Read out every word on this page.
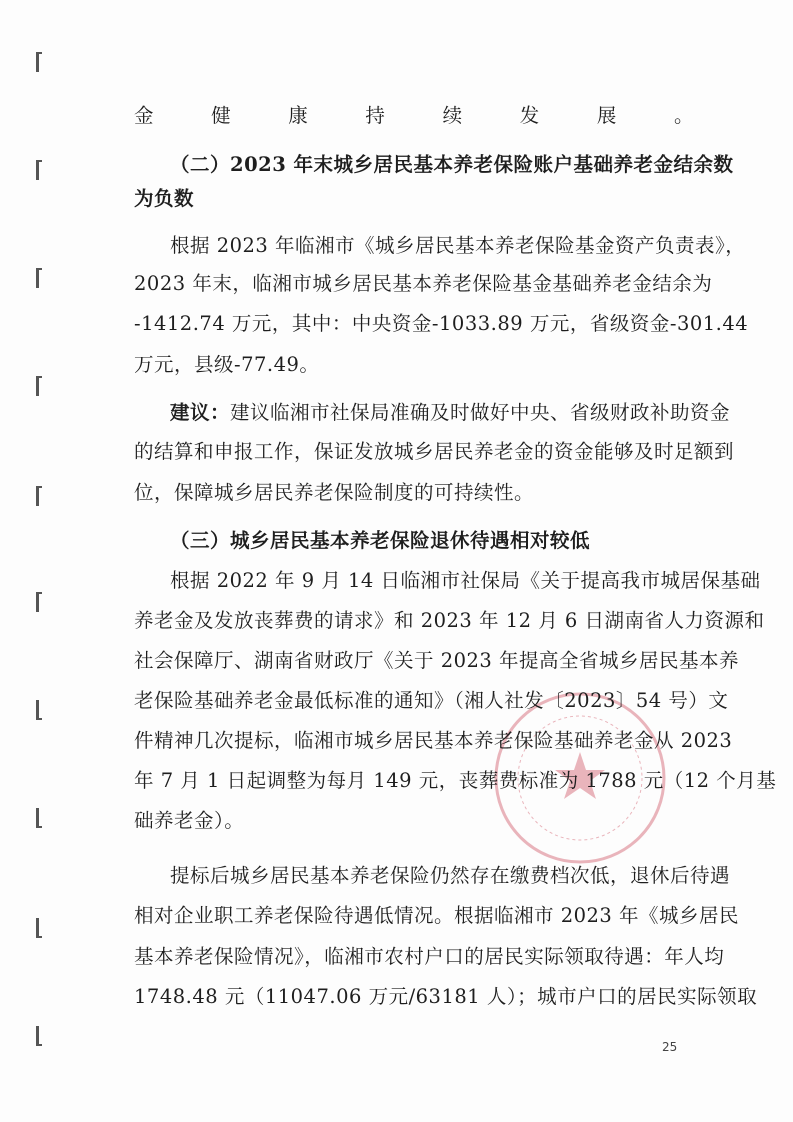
金健康持续发展。
（二）2023 年末城乡居民基本养老保险账户基础养老金结余数
为负数
根据 2023 年临湘市《城乡居民基本养老保险基金资产负责表》，
2023 年末，临湘市城乡居民基本养老保险基金基础养老金结余为
-1412.74 万元，其中：中央资金-1033.89 万元，省级资金-301.44
万元，县级-77.49。
建议：建议临湘市社保局准确及时做好中央、省级财政补助资金
的结算和申报工作，保证发放城乡居民养老金的资金能够及时足额到
位，保障城乡居民养老保险制度的可持续性。
（三）城乡居民基本养老保险退休待遇相对较低
根据 2022 年 9 月 14 日临湘市社保局《关于提高我市城居保基础
养老金及发放丧葬费的请求》和 2023 年 12 月 6 日湖南省人力资源和
社会保障厅、湖南省财政厅《关于 2023 年提高全省城乡居民基本养
老保险基础养老金最低标准的通知》（湘人社发〔2023〕54 号）文
件精神几次提标，临湘市城乡居民基本养老保险基础养老金从 2023
年 7 月 1 日起调整为每月 149 元，丧葬费标准为 1788 元（12 个月基
础养老金）。
提标后城乡居民基本养老保险仍然存在缴费档次低，退休后待遇
相对企业职工养老保险待遇低情况。根据临湘市 2023 年《城乡居民
基本养老保险情况》，临湘市农村户口的居民实际领取待遇：年人均
1748.48 元（11047.06 万元/63181 人）；城市户口的居民实际领取
25
